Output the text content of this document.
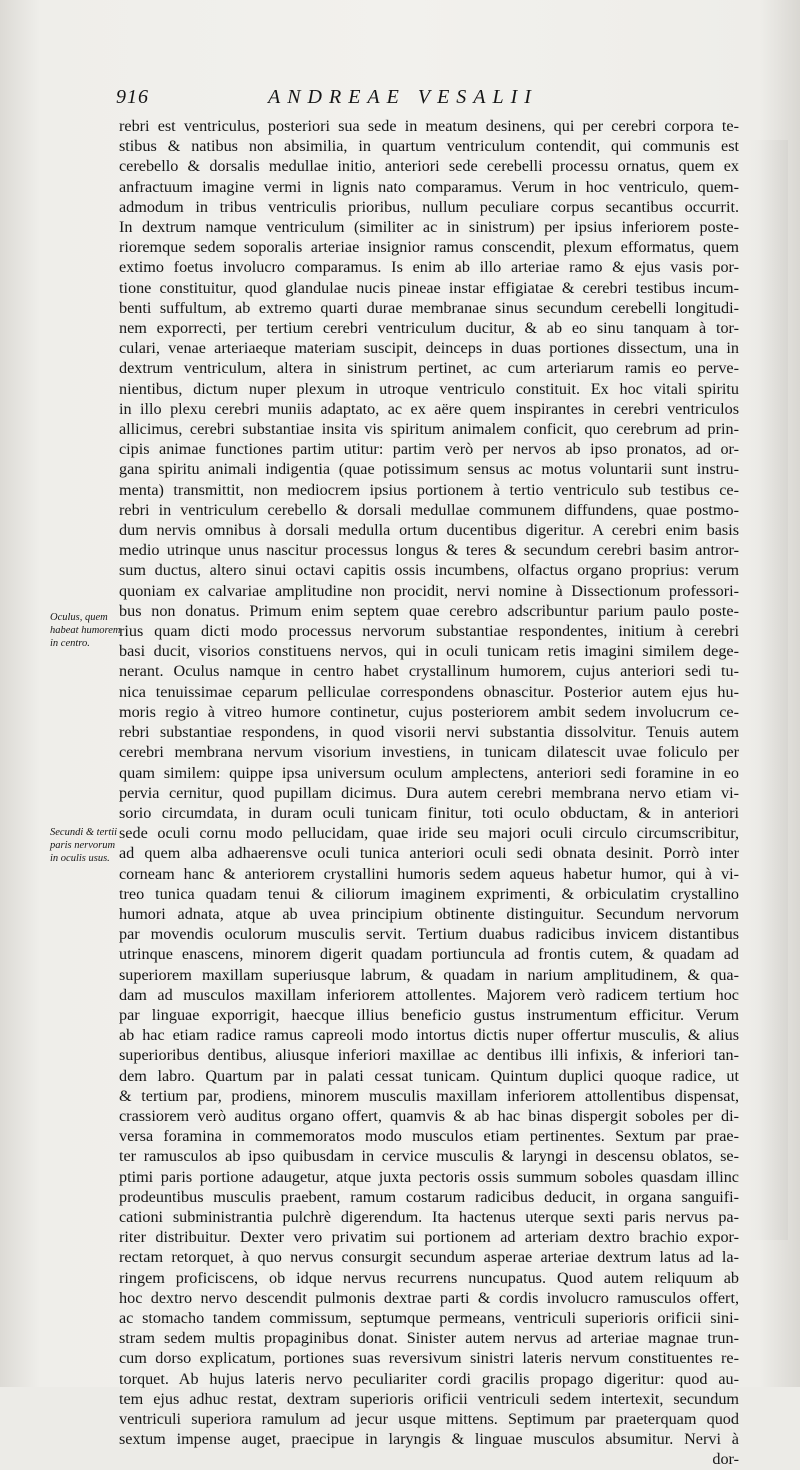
916	ANDREAE VESALII
Oculus, quem habeat humorem in centro.
Secundi & tertii paris nervorum in oculis usus.
rebri est ventriculus, posteriori sua sede in meatum desinens, qui per cerebri corpora te-
stibus & natibus non absimilia, in quartum ventriculum contendit, qui communis est
cerebello & dorsalis medullae initio, anteriori sede cerebelli processu ornatus, quem ex
anfractuum imagine vermi in lignis nato comparamus. Verum in hoc ventriculo, quem-
admodum in tribus ventriculis prioribus, nullum peculiare corpus secantibus occurrit.
In dextrum namque ventriculum (similiter ac in sinistrum) per ipsius inferiorem poste-
rioremque sedem soporalis arteriae insignior ramus conscendit, plexum efformatus, quem
extimo foetus involucro comparamus. Is enim ab illo arteriae ramo & ejus vasis por-
tione constituitur, quod glandulae nucis pineae instar effigiatae & cerebri testibus incum-
benti suffultum, ab extremo quarti durae membranae sinus secundum cerebelli longitudi-
nem exporrecti, per tertium cerebri ventriculum ducitur, & ab eo sinu tanquam à tor-
culari, venae arteriaeque materiam suscipit, deinceps in duas portiones dissectum, una in
dextrum ventriculum, altera in sinistrum pertinet, ac cum arteriarum ramis eo perve-
nientibus, dictum nuper plexum in utroque ventriculo constituit. Ex hoc vitali spiritu
in illo plexu cerebri muniis adaptato, ac ex aëre quem inspirantes in cerebri ventriculos
allicimus, cerebri substantiae insita vis spiritum animalem conficit, quo cerebrum ad prin-
cipis animae functiones partim utitur: partim verò per nervos ab ipso pronatos, ad or-
gana spiritu animali indigentia (quae potissimum sensus ac motus voluntarii sunt instru-
menta) transmittit, non mediocrem ipsius portionem à tertio ventriculo sub testibus ce-
rebri in ventriculum cerebello & dorsali medullae communem diffundens, quae postmo-
dum nervis omnibus à dorsali medulla ortum ducentibus digeritur. A cerebri enim basis
medio utrinque unus nascitur processus longus & teres & secundum cerebri basim antror-
sum ductus, altero sinui octavi capitis ossis incumbens, olfactus organo proprius: verum
quoniam ex calvariae amplitudine non procidit, nervi nomine à Dissectionum professori-
bus non donatus. Primum enim septem quae cerebro adscribuntur parium paulo poste-
rius quam dicti modo processus nervorum substantiae respondentes, initium à cerebri
basi ducit, visorios constituens nervos, qui in oculi tunicam retis imagini similem dege-
nerant. Oculus namque in centro habet crystallinum humorem, cujus anteriori sedi tu-
nica tenuissimae ceparum pelliculae correspondens obnascitur. Posterior autem ejus hu-
moris regio à vitreo humore continetur, cujus posteriorem ambit sedem involucrum ce-
rebri substantiae respondens, in quod visorii nervi substantia dissolvitur. Tenuis autem
cerebri membrana nervum visorium investiens, in tunicam dilatescit uvae foliculo per
quam similem: quippe ipsa universum oculum amplectens, anteriori sedi foramine in eo
pervia cernitur, quod pupillam dicimus. Dura autem cerebri membrana nervo etiam vi-
sorio circumdata, in duram oculi tunicam finitur, toti oculo obductam, & in anteriori
sede oculi cornu modo pellucidam, quae iride seu majori oculi circulo circumscribitur,
ad quem alba adhaerensve oculi tunica anteriori oculi sedi obnata desinit. Porrò inter
corneam hanc & anteriorem crystallini humoris sedem aqueus habetur humor, qui à vi-
treo tunica quadam tenui & ciliorum imaginem exprimenti, & orbiculatim crystallino
humori adnata, atque ab uvea principium obtinente distinguitur. Secundum nervorum
par movendis oculorum musculis servit. Tertium duabus radicibus invicem distantibus
utrinque enascens, minorem digerit quadam portiuncula ad frontis cutem, & quadam ad
superiorem maxillam superiusque labrum, & quadam in narium amplitudinem, & qua-
dam ad musculos maxillam inferiorem attollentes. Majorem verò radicem tertium hoc
par linguae exporrigit, haecque illius beneficio gustus instrumentum efficitur. Verum
ab hac etiam radice ramus capreoli modo intortus dictis nuper offertur musculis, & alius
superioribus dentibus, aliusque inferiori maxillae ac dentibus illi infixis, & inferiori tan-
dem labro. Quartum par in palati cessat tunicam. Quintum duplici quoque radice, ut
& tertium par, prodiens, minorem musculis maxillam inferiorem attollentibus dispensat,
crassiorem verò auditus organo offert, quamvis & ab hac binas dispergit soboles per di-
versa foramina in commemoratos modo musculos etiam pertinentes. Sextum par prae-
ter ramusculos ab ipso quibusdam in cervice musculis & laryngi in descensu oblatos, se-
ptimi paris portione adaugetur, atque juxta pectoris ossis summum soboles quasdam illinc
prodeuntibus musculis praebent, ramum costarum radicibus deducit, in organa sanguifi-
cationi subministrantia pulchrè digerendum. Ita hactenus uterque sexti paris nervus pa-
riter distribuitur. Dexter vero privatim sui portionem ad arteriam dextro brachio expor-
rectam retorquet, à quo nervus consurgit secundum asperae arteriae dextrum latus ad la-
ringem proficiscens, ob idque nervus recurrens nuncupatus. Quod autem reliquum ab
hoc dextro nervo descendit pulmonis dextrae parti & cordis involucro ramusculos offert,
ac stomacho tandem commissum, septumque permeans, ventriculi superioris orificii sini-
stram sedem multis propaginibus donat. Sinister autem nervus ad arteriae magnae trun-
cum dorso explicatum, portiones suas reversivum sinistri lateris nervum constituentes re-
torquet. Ab hujus lateris nervo peculiariter cordi gracilis propago digeritur: quod au-
tem ejus adhuc restat, dextram superioris orificii ventriculi sedem intertexit, secundum
ventriculi superiora ramulum ad jecur usque mittens. Septimum par praeterquam quod
sextum impense auget, praecipue in laryngis & linguae musculos absumitur. Nervi à
dor-
